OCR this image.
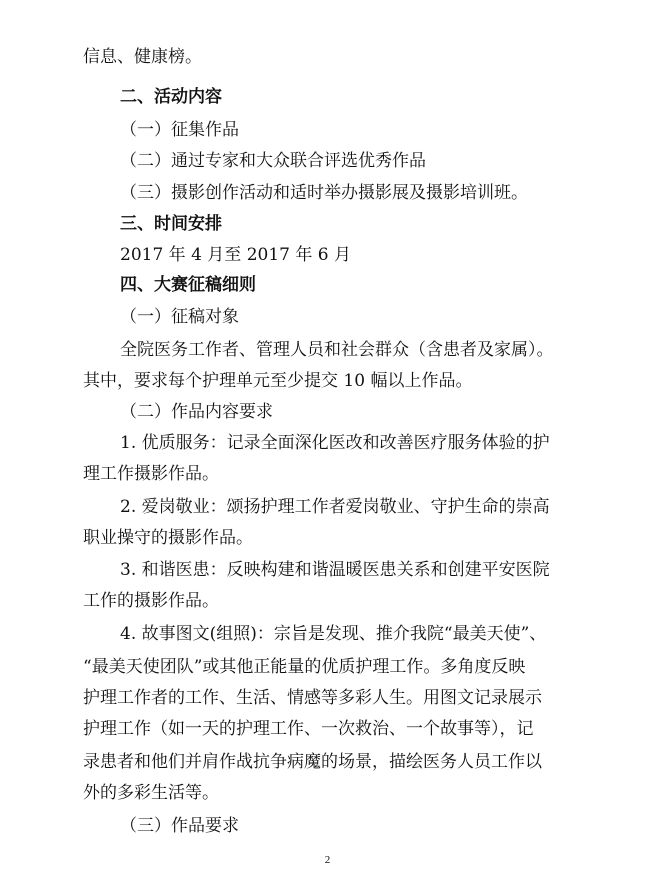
信息、健康榜。
二、活动内容
（一）征集作品
（二）通过专家和大众联合评选优秀作品
（三）摄影创作活动和适时举办摄影展及摄影培训班。
三、时间安排
2017 年 4 月至 2017 年 6 月
四、大赛征稿细则
（一）征稿对象
全院医务工作者、管理人员和社会群众（含患者及家属）。
其中，要求每个护理单元至少提交 10 幅以上作品。
（二）作品内容要求
1. 优质服务：记录全面深化医改和改善医疗服务体验的护
理工作摄影作品。
2. 爱岗敬业：颂扬护理工作者爱岗敬业、守护生命的崇高
职业操守的摄影作品。
3. 和谐医患：反映构建和谐温暖医患关系和创建平安医院
工作的摄影作品。
4. 故事图文(组照)：宗旨是发现、推介我院“最美天使”、
“最美天使团队”或其他正能量的优质护理工作。多角度反映
护理工作者的工作、生活、情感等多彩人生。用图文记录展示
护理工作（如一天的护理工作、一次救治、一个故事等），记
录患者和他们并肩作战抗争病魔的场景，描绘医务人员工作以
外的多彩生活等。
（三）作品要求
2
